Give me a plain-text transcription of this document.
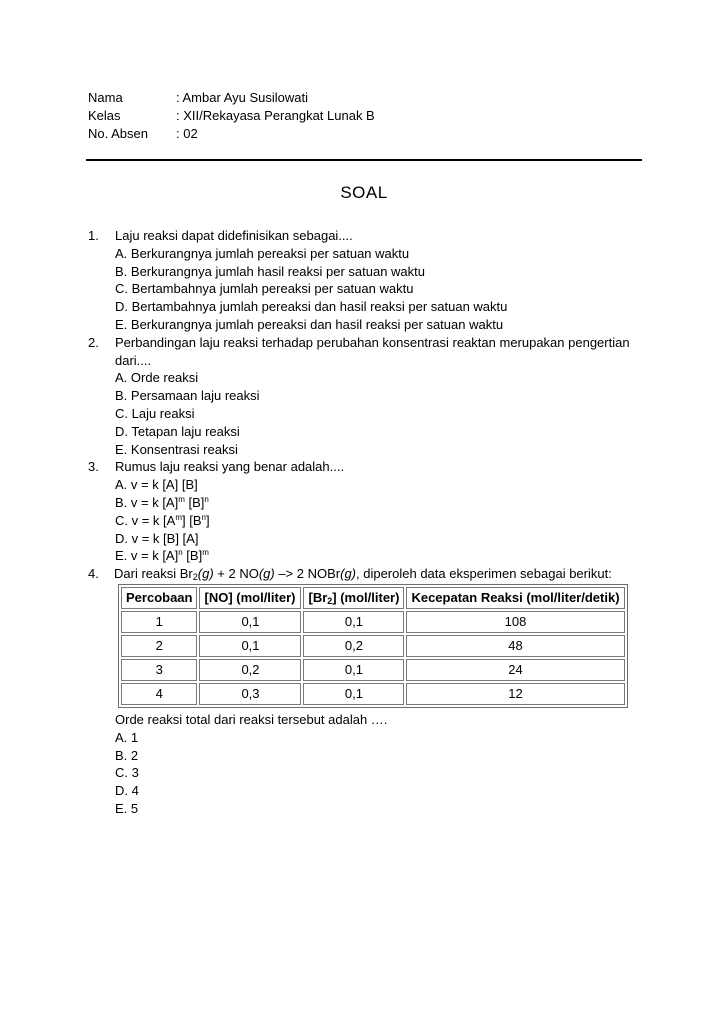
Nama	: Ambar Ayu Susilowati
Kelas	: XII/Rekayasa Perangkat Lunak B
No. Absen : 02
SOAL
1. Laju reaksi dapat didefinisikan sebagai....
A. Berkurangnya jumlah pereaksi per satuan waktu
B. Berkurangnya jumlah hasil reaksi per satuan waktu
C. Bertambahnya jumlah pereaksi per satuan waktu
D. Bertambahnya jumlah pereaksi dan hasil reaksi per satuan waktu
E. Berkurangnya jumlah pereaksi dan hasil reaksi per satuan waktu
2. Perbandingan laju reaksi terhadap perubahan konsentrasi reaktan merupakan pengertian dari....
A. Orde reaksi
B. Persamaan laju reaksi
C. Laju reaksi
D. Tetapan laju reaksi
E. Konsentrasi reaksi
3. Rumus laju reaksi yang benar adalah....
A. v = k [A] [B]
B. v = k $[A]^m$ $[B]^n$
C. v = k $[A^m]$ $[B^n]$
D. v = k [B] [A]
E. v = k $[A]^n$ $[B]^m$
4. Dari reaksi $Br_2(g) + 2$ NO(g) –> 2 NOBr(g), diperoleh data eksperimen sebagai berikut:
Percobaan	[NO] (mol/liter)	$[Br_2]$ (mol/liter)	Kecepatan Reaksi (mol/liter/detik)
1	0,1	0,1	108
2	0,1	0,2	48
3	0,2	0,1	24
4	0,3	0,1	12
Orde reaksi total dari reaksi tersebut adalah ….
A. 1
B. 2
C. 3
D. 4
E. 5
